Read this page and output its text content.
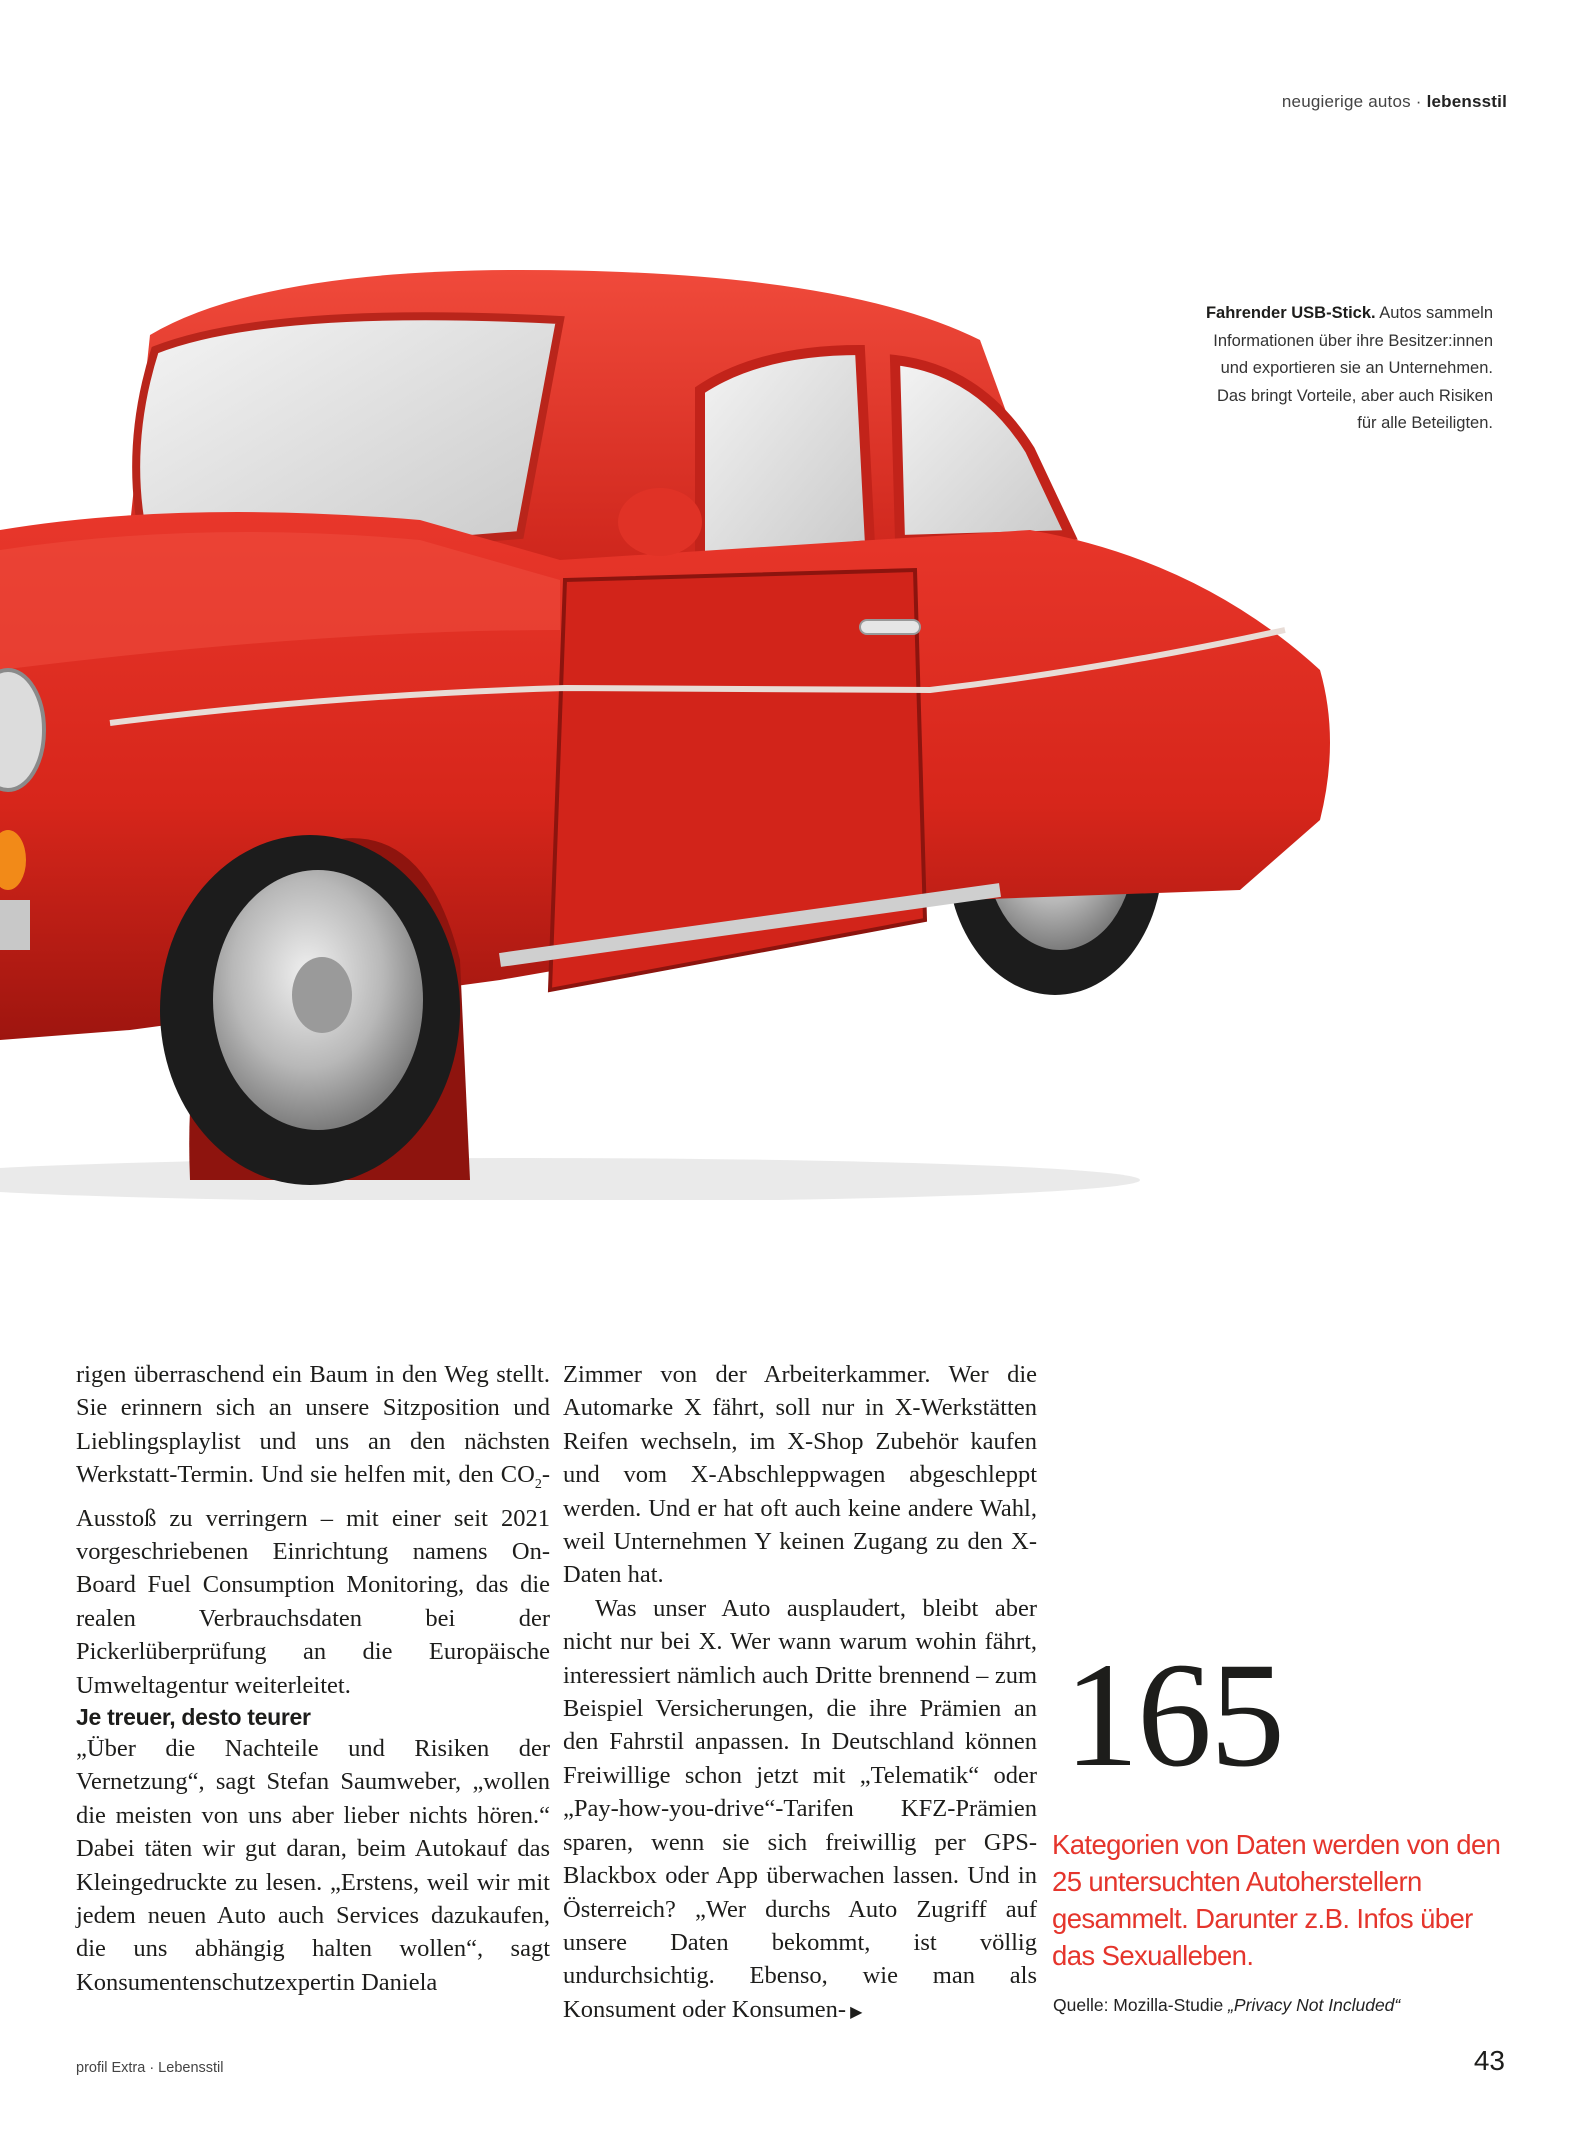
neugierige autos · lebensstil
Fahrender USB-Stick. Autos sammeln Informationen über ihre Besitzer:innen und exportieren sie an Unternehmen. Das bringt Vorteile, aber auch Risiken für alle Beteiligten.

rigen überraschend ein Baum in den Weg stellt. Sie erinnern sich an unsere Sitzposition und Lieblingsplaylist und uns an den nächsten Werkstatt-Termin. Und sie helfen mit, den $CO_2$-Ausstoß zu verringern – mit einer seit 2021 vorgeschriebenen Einrichtung namens On-Board Fuel Consumption Monitoring, das die realen Verbrauchsdaten bei der Pickerlüberprüfung an die Europäische Umweltagentur weiterleitet.

Je treuer, desto teurer

„Über die Nachteile und Risiken der Vernetzung“, sagt Stefan Saumweber, „wollen die meisten von uns aber lieber nichts hören.“ Dabei täten wir gut daran, beim Autokauf das Kleingedruckte zu lesen. „Erstens, weil wir mit jedem neuen Auto auch Services dazukaufen, die uns abhängig halten wollen“, sagt Konsumentenschutzexpertin Daniela

Zimmer von der Arbeiterkammer. Wer die Automarke X fährt, soll nur in X-Werkstätten Reifen wechseln, im X-Shop Zubehör kaufen und vom X-Abschleppwagen abgeschleppt werden. Und er hat oft auch keine andere Wahl, weil Unternehmen Y keinen Zugang zu den X-Daten hat.

Was unser Auto ausplaudert, bleibt aber nicht nur bei X. Wer wann warum wohin fährt, interessiert nämlich auch Dritte brennend – zum Beispiel Versicherungen, die ihre Prämien an den Fahrstil anpassen. In Deutschland können Freiwillige schon jetzt mit „Telematik“ oder „Pay-how-you-drive“-Tarifen KFZ-Prämien sparen, wenn sie sich freiwillig per GPS-Blackbox oder App überwachen lassen. Und in Österreich? „Wer durchs Auto Zugriff auf unsere Daten bekommt, ist völlig undurchsichtig. Ebenso, wie man als Konsument oder Konsumen- ▶

165
Kategorien von Daten werden von den 25 untersuchten Autoherstellern gesammelt. Darunter z.B. Infos über das Sexualleben.
Quelle: Mozilla-Studie „Privacy Not Included“
profil Extra · Lebensstil	43
